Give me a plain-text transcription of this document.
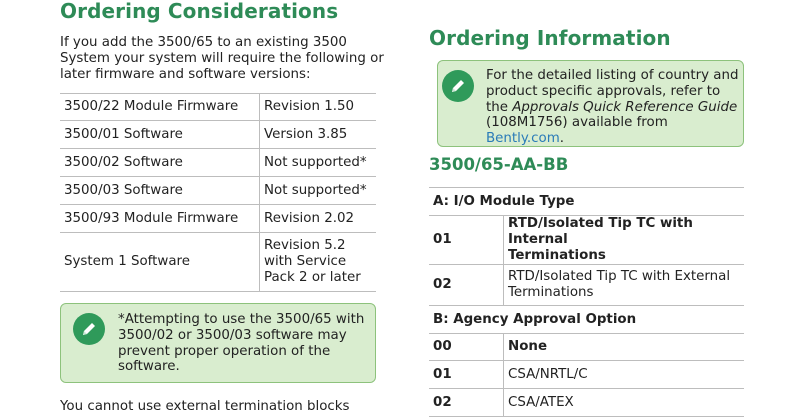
Ordering Considerations
If you add the 3500/65 to an existing 3500
System your system will require the following or
later firmware and software versions:
3500/22 Module Firmware	Revision 1.50
3500/01 Software	Version 3.85
3500/02 Software	Not supported*
3500/03 Software	Not supported*
3500/93 Module Firmware	Revision 2.02
System 1 Software	Revision 5.2
with Service
Pack 2 or later
*Attempting to use the 3500/65 with
3500/02 or 3500/03 software may
prevent proper operation of the
software.
You cannot use external termination blocks
Ordering Information
For the detailed listing of country and
product specific approvals, refer to
the Approvals Quick Reference Guide
(108M1756) available from Bently.com.
3500/65-AA-BB
A: I/O Module Type	
01	RTD/Isolated Tip TC with Internal
Terminations

02	RTD/Isolated Tip TC with External
Terminations

B: Agency Approval Option	
00	None
01	CSA/NRTL/C
02	CSA/ATEX
